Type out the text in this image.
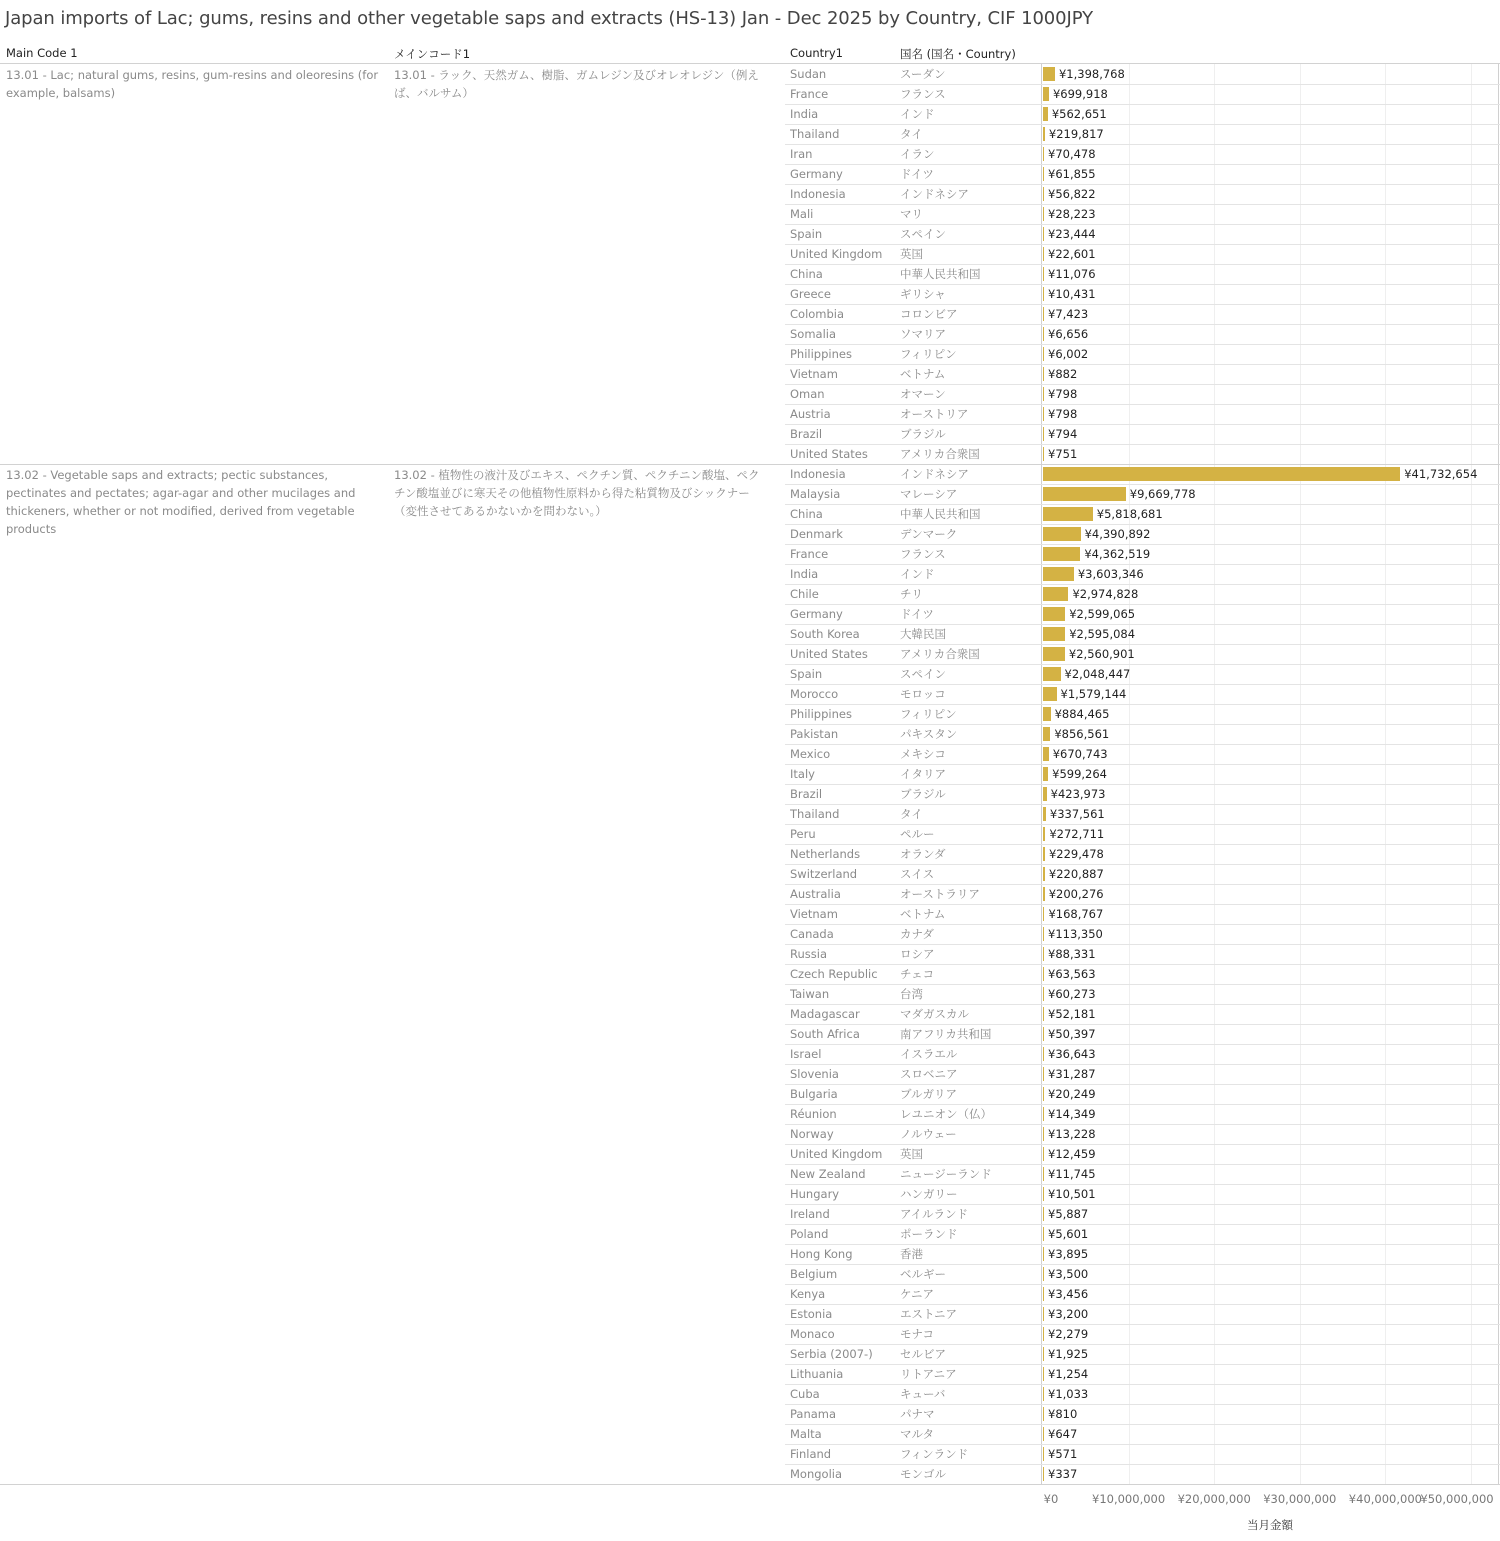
Japan imports of Lac; gums, resins and other vegetable saps and extracts (HS-13) Jan - Dec 2025 by Country, CIF 1000JPY
Main Code 1	メインコード1	Country1	国名 (国名・Country)
13.01 - Lac; natural gums, resins, gum-resins and oleoresins (for example, balsams)
13.01 - ラック、天然ガム、樹脂、ガムレジン及びオレオレジン（例えば、バルサム）
Sudan	スーダン	¥1,398,768
France	フランス	¥699,918
India	インド	¥562,651
Thailand	タイ	¥219,817
Iran	イラン	¥70,478
Germany	ドイツ	¥61,855
Indonesia	インドネシア	¥56,822
Mali	マリ	¥28,223
Spain	スペイン	¥23,444
United Kingdom	英国	¥22,601
China	中華人民共和国	¥11,076
Greece	ギリシャ	¥10,431
Colombia	コロンビア	¥7,423
Somalia	ソマリア	¥6,656
Philippines	フィリピン	¥6,002
Vietnam	ベトナム	¥882
Oman	オマーン	¥798
Austria	オーストリア	¥798
Brazil	ブラジル	¥794
United States	アメリカ合衆国	¥751
13.02 - Vegetable saps and extracts; pectic substances, pectinates and pectates; agar-agar and other mucilages and thickeners, whether or not modified, derived from vegetable products
13.02 - 植物性の液汁及びエキス、ペクチン質、ペクチニン酸塩、ペクチン酸塩並びに寒天その他植物性原料から得た粘質物及びシックナー（変性させてあるかないかを問わない。）
Indonesia	インドネシア	¥41,732,654
Malaysia	マレーシア	¥9,669,778
China	中華人民共和国	¥5,818,681
Denmark	デンマーク	¥4,390,892
France	フランス	¥4,362,519
India	インド	¥3,603,346
Chile	チリ	¥2,974,828
Germany	ドイツ	¥2,599,065
South Korea	大韓民国	¥2,595,084
United States	アメリカ合衆国	¥2,560,901
Spain	スペイン	¥2,048,447
Morocco	モロッコ	¥1,579,144
Philippines	フィリピン	¥884,465
Pakistan	パキスタン	¥856,561
Mexico	メキシコ	¥670,743
Italy	イタリア	¥599,264
Brazil	ブラジル	¥423,973
Thailand	タイ	¥337,561
Peru	ペルー	¥272,711
Netherlands	オランダ	¥229,478
Switzerland	スイス	¥220,887
Australia	オーストラリア	¥200,276
Vietnam	ベトナム	¥168,767
Canada	カナダ	¥113,350
Russia	ロシア	¥88,331
Czech Republic	チェコ	¥63,563
Taiwan	台湾	¥60,273
Madagascar	マダガスカル	¥52,181
South Africa	南アフリカ共和国	¥50,397
Israel	イスラエル	¥36,643
Slovenia	スロベニア	¥31,287
Bulgaria	ブルガリア	¥20,249
Réunion	レユニオン（仏）	¥14,349
Norway	ノルウェー	¥13,228
United Kingdom	英国	¥12,459
New Zealand	ニュージーランド	¥11,745
Hungary	ハンガリー	¥10,501
Ireland	アイルランド	¥5,887
Poland	ポーランド	¥5,601
Hong Kong	香港	¥3,895
Belgium	ベルギー	¥3,500
Kenya	ケニア	¥3,456
Estonia	エストニア	¥3,200
Monaco	モナコ	¥2,279
Serbia (2007-)	セルビア	¥1,925
Lithuania	リトアニア	¥1,254
Cuba	キューバ	¥1,033
Panama	パナマ	¥810
Malta	マルタ	¥647
Finland	フィンランド	¥571
Mongolia	モンゴル	¥337
¥0	¥10,000,000 ¥20,000,000 ¥30,000,000 ¥40,000,000
¥50,000,000
当月金額
